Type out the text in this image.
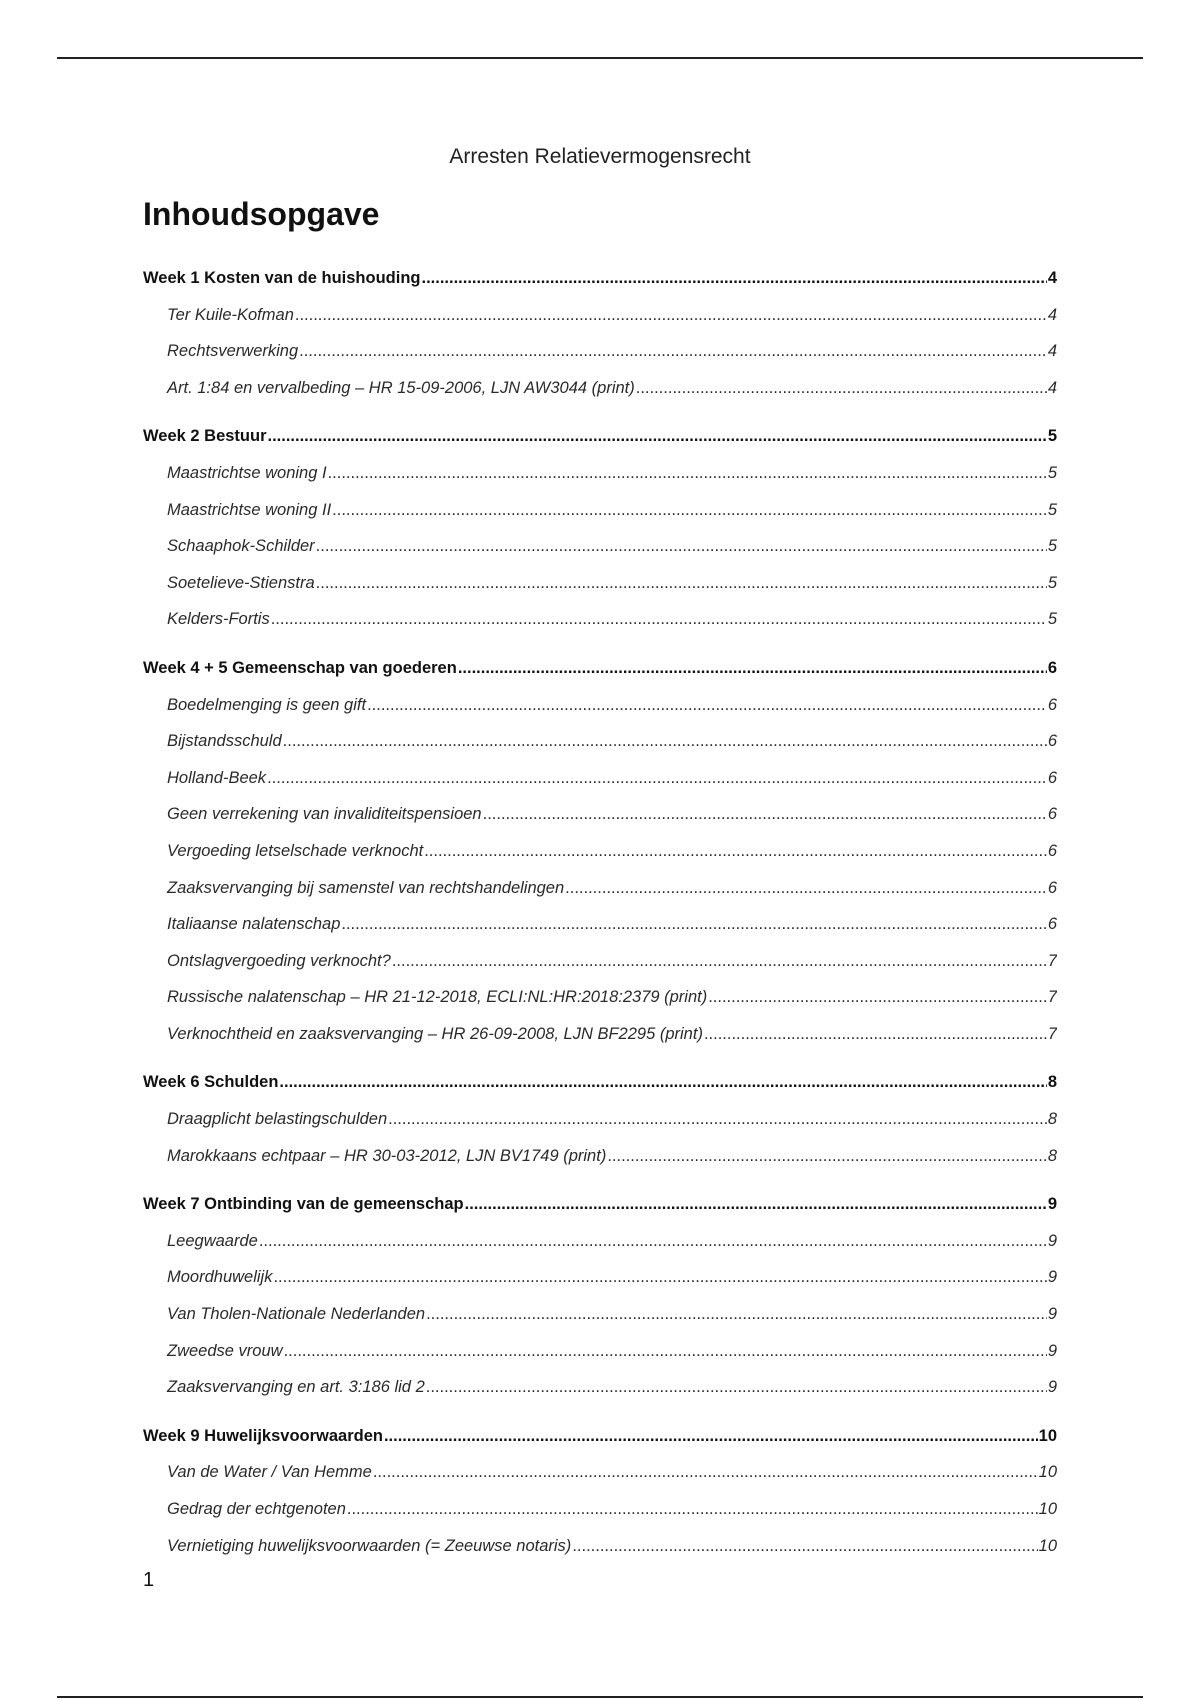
Arresten Relatievermogensrecht
Inhoudsopgave
Week 1 Kosten van de huishouding .....	4
Ter Kuile-Kofman .....	4
Rechtsverwerking .....	4
Art. 1:84 en vervalbeding – HR 15-09-2006, LJN AW3044 (print) .....	4
Week 2 Bestuur .....	5
Maastrichtse woning I .....	5
Maastrichtse woning II .....	5
Schaaphok-Schilder .....	5
Soetelieve-Stienstra .....	5
Kelders-Fortis .....	5
Week 4 + 5 Gemeenschap van goederen .....	6
Boedelmenging is geen gift .....	6
Bijstandsschuld .....	6
Holland-Beek .....	6
Geen verrekening van invaliditeitspensioen .....	6
Vergoeding letselschade verknocht .....	6
Zaaksvervanging bij samenstel van rechtshandelingen .....	6
Italiaanse nalatenschap .....	6
Ontslagvergoeding verknocht? .....	7
Russische nalatenschap – HR 21-12-2018, ECLI:NL:HR:2018:2379 (print) .....	7
Verknochtheid en zaaksvervanging – HR 26-09-2008, LJN BF2295 (print) .....	7
Week 6 Schulden .....	8
Draagplicht belastingschulden .....	8
Marokkaans echtpaar – HR 30-03-2012, LJN BV1749 (print) .....	8
Week 7 Ontbinding van de gemeenschap .....	9
Leegwaarde .....	9
Moordhuwelijk .....	9
Van Tholen-Nationale Nederlanden .....	9
Zweedse vrouw .....	9
Zaaksvervanging en art. 3:186 lid 2 .....	9
Week 9 Huwelijksvoorwaarden .....	10
Van de Water / Van Hemme .....	10
Gedrag der echtgenoten .....	10
Vernietiging huwelijksvoorwaarden (= Zeeuwse notaris) .....	10
1
